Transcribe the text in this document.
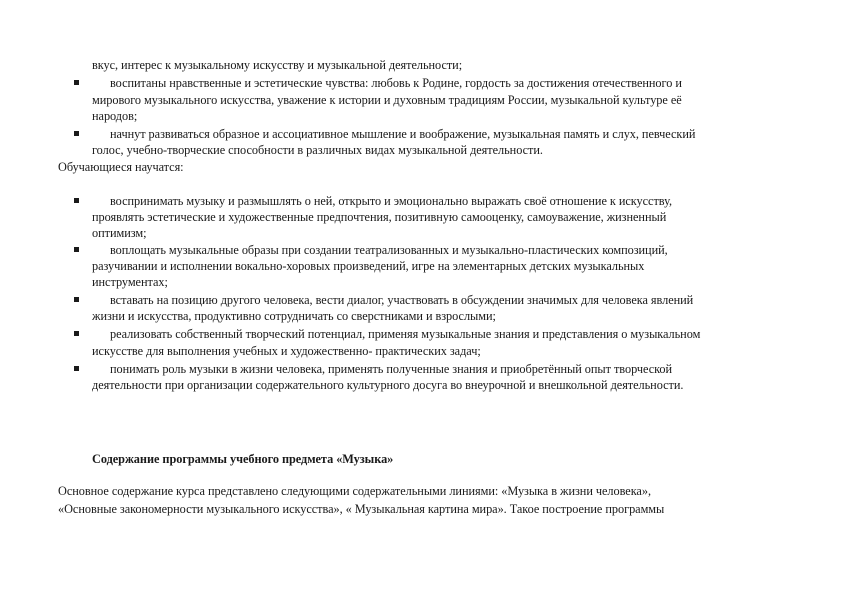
вкус, интерес к музыкальному искусству и музыкальной деятельности;
воспитаны нравственные и эстетические чувства: любовь к Родине, гордость за достижения отечественного и
мирового музыкального искусства, уважение к истории и духовным традициям России, музыкальной культуре её
народов;
начнут развиваться образное и ассоциативное мышление и воображение, музыкальная память и слух, певческий
голос, учебно-творческие способности в различных видах музыкальной деятельности.
Обучающиеся научатся:
воспринимать музыку и размышлять о ней, открыто и эмоционально выражать своё отношение к искусству,
проявлять эстетические и художественные предпочтения, позитивную самооценку, самоуважение, жизненный
оптимизм;
воплощать музыкальные образы при создании театрализованных и музыкально-пластических композиций,
разучивании и исполнении вокально-хоровых произведений, игре на элементарных детских музыкальных
инструментах;
вставать на позицию другого человека, вести диалог, участвовать в обсуждении значимых для человека явлений
жизни и искусства, продуктивно сотрудничать со сверстниками и взрослыми;
реализовать собственный творческий потенциал, применяя музыкальные знания и представления о музыкальном
искусстве для выполнения учебных и художественно- практических задач;
понимать роль музыки в жизни человека, применять полученные знания и приобретённый опыт творческой
деятельности при организации содержательного культурного досуга во внеурочной и внешкольной деятельности.
Содержание программы учебного предмета «Музыка»
Основное содержание курса представлено следующими содержательными линиями: «Музыка в жизни человека»,
«Основные закономерности музыкального искусства», « Музыкальная картина мира». Такое построение программы
